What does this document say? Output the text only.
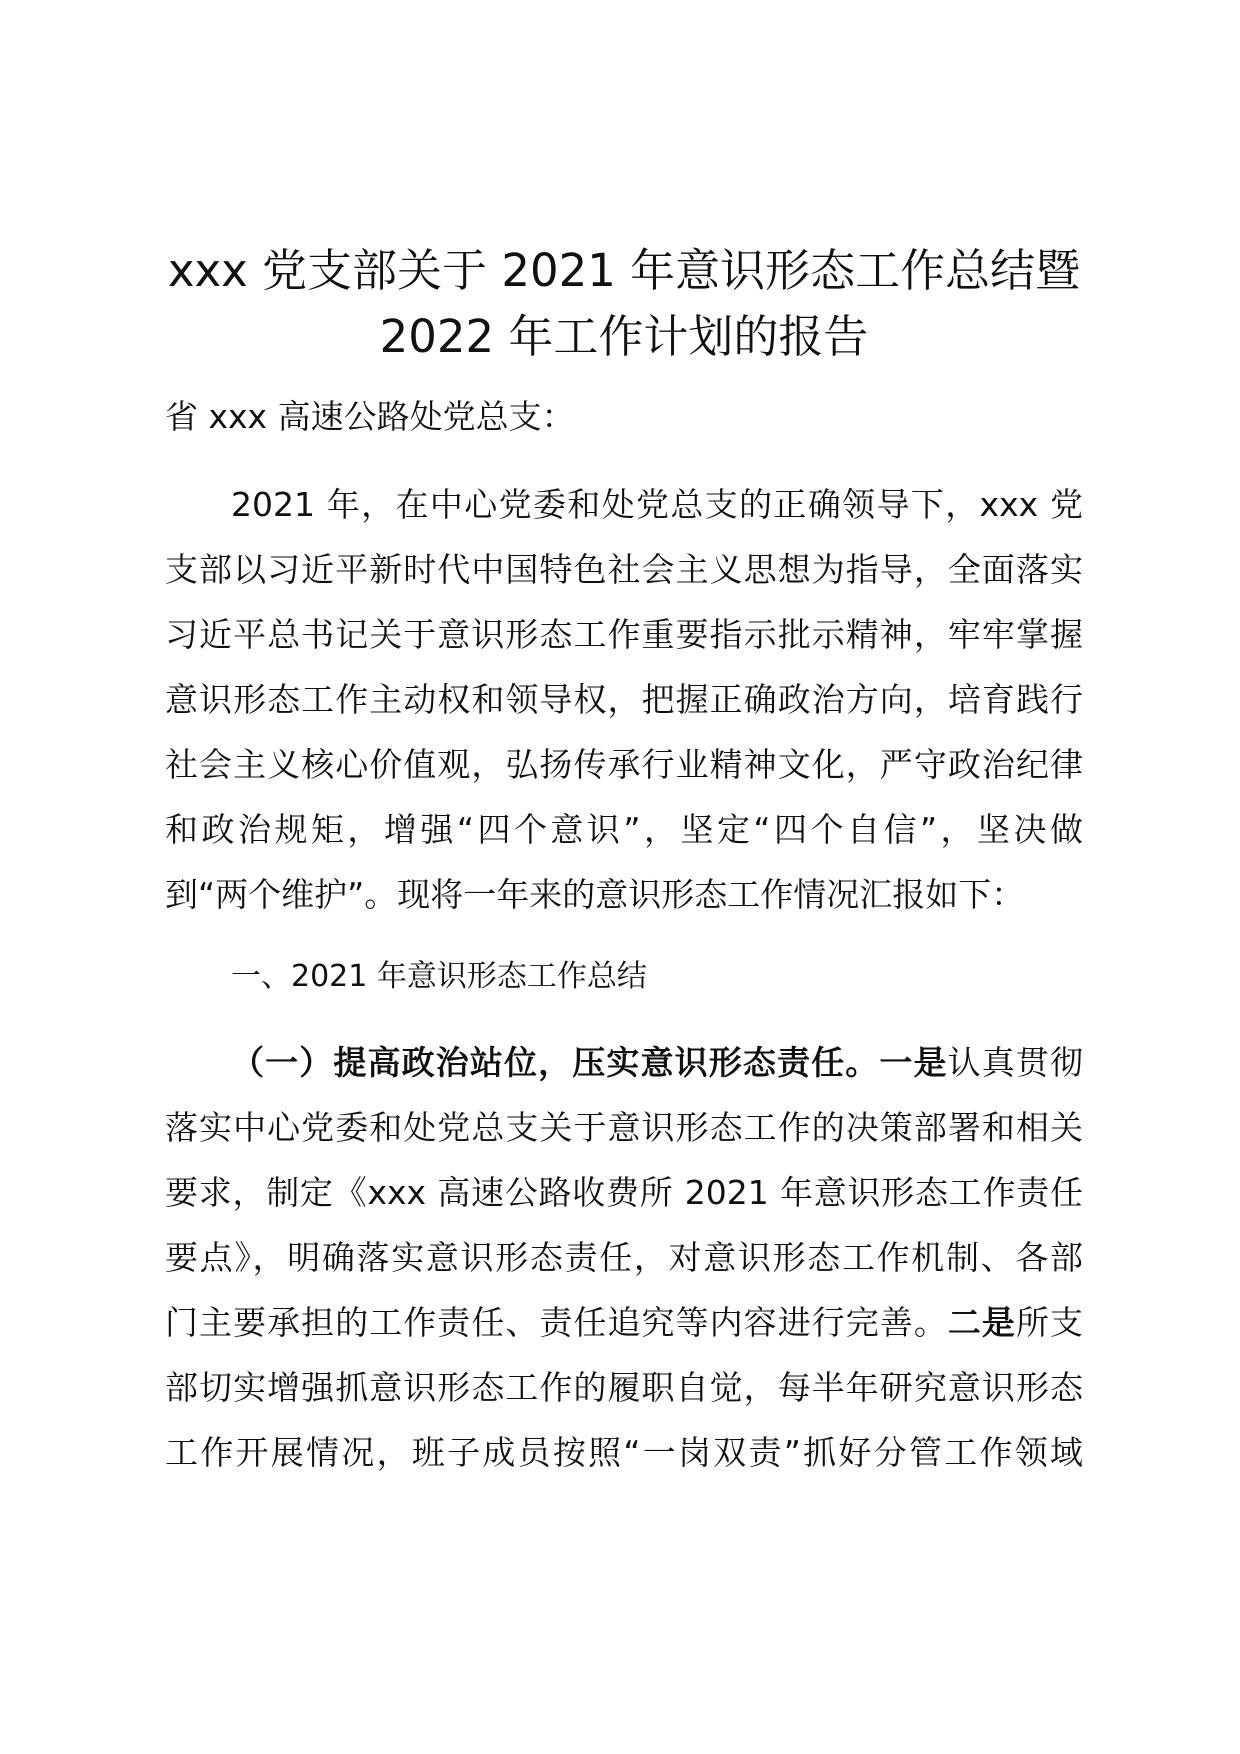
xxx 党支部关于 2021 年意识形态工作总结暨
2022 年工作计划的报告
省 xxx 高速公路处党总支：
2021 年，在中心党委和处党总支的正确领导下，xxx 党
支部以习近平新时代中国特色社会主义思想为指导，全面落实
习近平总书记关于意识形态工作重要指示批示精神，牢牢掌握
意识形态工作主动权和领导权，把握正确政治方向，培育践行
社会主义核心价值观，弘扬传承行业精神文化，严守政治纪律
和政治规矩，增强“四个意识”，坚定“四个自信”，坚决做
到“两个维护”。现将一年来的意识形态工作情况汇报如下：
一、2021 年意识形态工作总结
（一）提高政治站位，压实意识形态责任。一是认真贯彻
落实中心党委和处党总支关于意识形态工作的决策部署和相关
要求，制定《xxx 高速公路收费所 2021 年意识形态工作责任
要点》，明确落实意识形态责任，对意识形态工作机制、各部
门主要承担的工作责任、责任追究等内容进行完善。二是所支
部切实增强抓意识形态工作的履职自觉，每半年研究意识形态
工作开展情况，班子成员按照“一岗双责”抓好分管工作领域
